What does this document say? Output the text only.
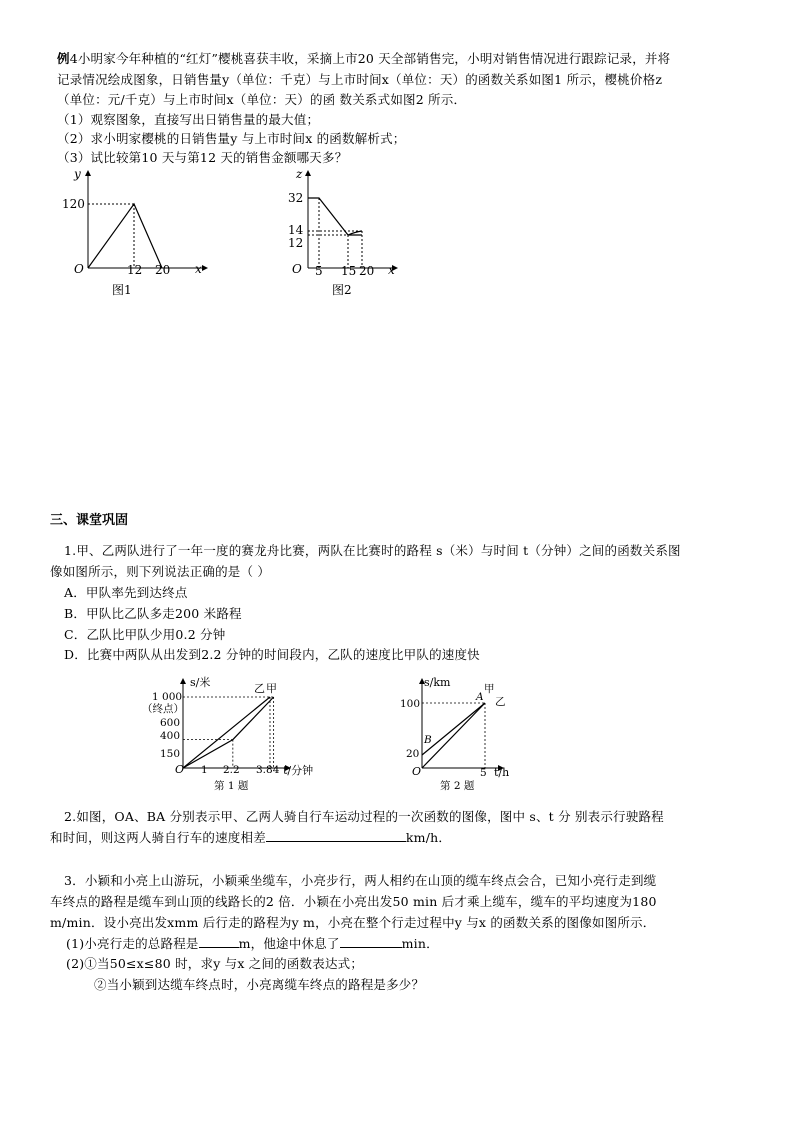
例4小明家今年种植的“红灯”樱桃喜获丰收，采摘上市20 天全部销售完，小明对销售情况进行跟踪记录，并将
记录情况绘成图象，日销售量y（单位：千克）与上市时间x（单位：天）的函数关系如图1 所示，樱桃价格z
（单位：元/千克）与上市时间x（单位：天）的函 数关系式如图2 所示．
（1）观察图象，直接写出日销售量的最大值；
（2）求小明家樱桃的日销售量y 与上市时间x 的函数解析式；
（3）试比较第10 天与第12 天的销售金额哪天多？
y
120
O	12 20 x
图1
z
32
14
12
O 5 15 20 x
图2
三、课堂巩固
1.甲、乙两队进行了一年一度的赛龙舟比赛，两队在比赛时的路程 s（米）与时间 t（分钟）之间的函数关系图
像如图所示，则下列说法正确的是（ ）
A．甲队率先到达终点
B．甲队比乙队多走200 米路程
C．乙队比甲队少用0.2 分钟
D．比赛中两队从出发到2.2 分钟的时间段内，乙队的速度比甲队的速度快
s/米
1 000
（终点）
600
400
150
O 1 2.2 3.84 t/分钟
乙 甲
第 1 题
s/km
100
20
B
A
甲
乙
O	5 t/h
第 2 题
2.如图，OA、BA 分别表示甲、乙两人骑自行车运动过程的一次函数的图像，图中 s、t 分 别表示行驶路程
和时间，则这两人骑自行车的速度相差	km/h．
3．小颖和小亮上山游玩，小颖乘坐缆车，小亮步行，两人相约在山顶的缆车终点会合，已知小亮行走到缆
车终点的路程是缆车到山顶的线路长的2 倍．小颖在小亮出发50 min 后才乘上缆车，缆车的平均速度为180
m/min．设小亮出发xmm 后行走的路程为y m，小亮在整个行走过程中y 与x 的函数关系的图像如图所示．
(1)小亮行走的总路程是	m，他途中休息了	min．
(2)①当50≤x≤80 时，求y 与x 之间的函数表达式；
②当小颖到达缆车终点时，小亮离缆车终点的路程是多少？
